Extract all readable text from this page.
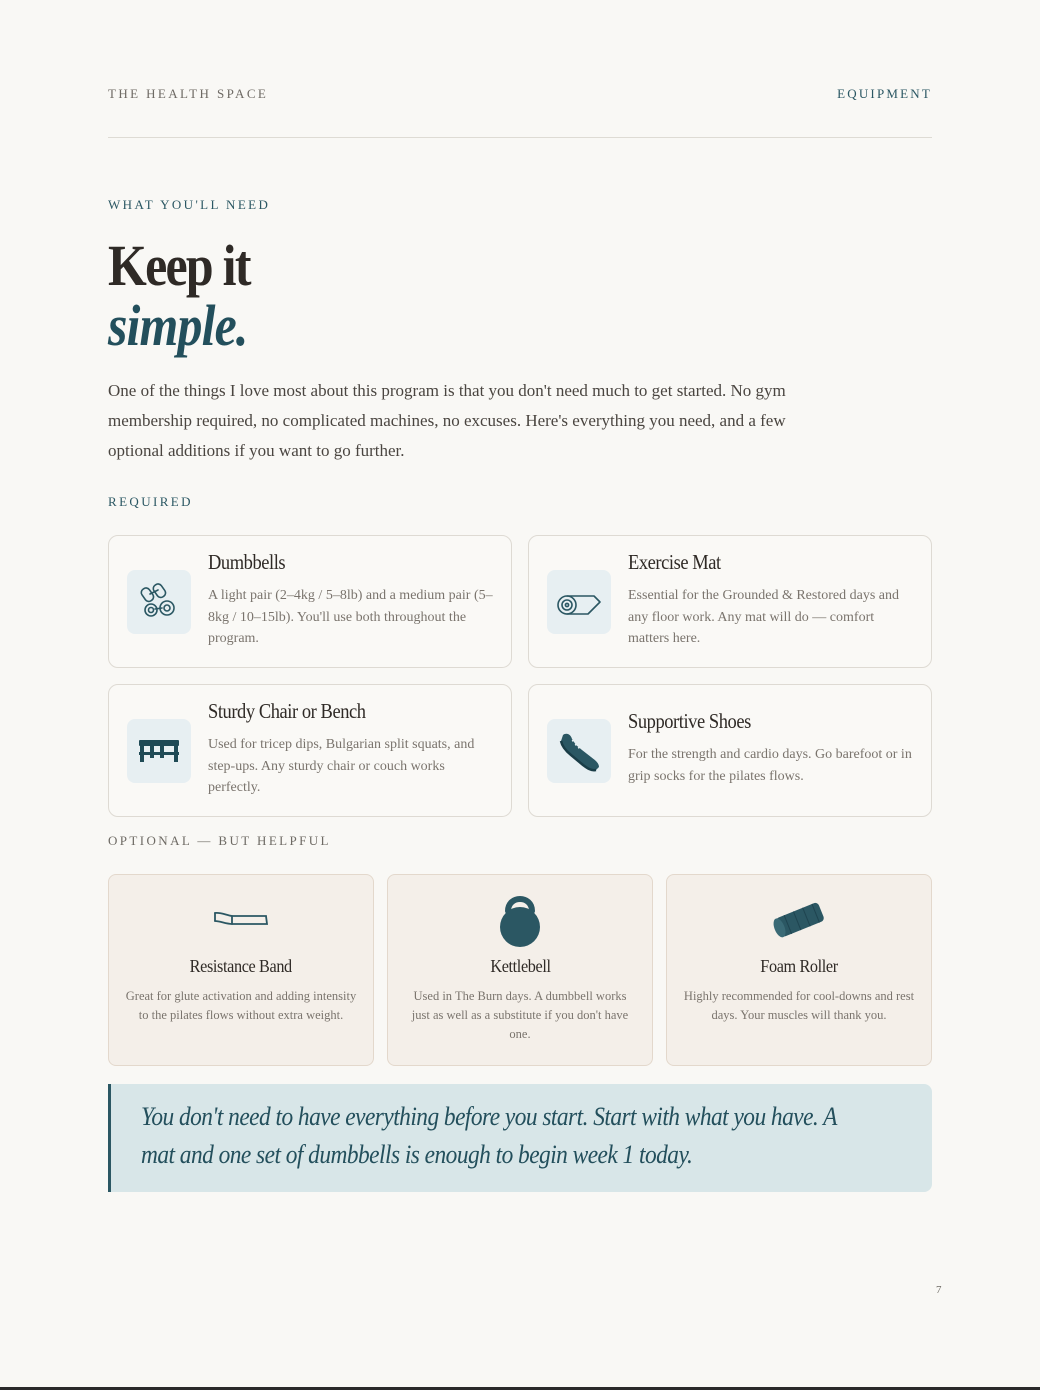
THE HEALTH SPACE	EQUIPMENT
WHAT YOU'LL NEED
Keep it
simple.

One of the things I love most about this program is that you don't need much to get started. No gym membership required, no complicated machines, no excuses. Here's everything you need, and a few optional additions if you want to go further.

REQUIRED
Dumbbells
A light pair (2–4kg / 5–8lb) and a medium pair (5–8kg / 10–15lb). You'll use both throughout the program.
Exercise Mat
Essential for the Grounded & Restored days and any floor work. Any mat will do — comfort matters here.
Sturdy Chair or Bench
Used for tricep dips, Bulgarian split squats, and step-ups. Any sturdy chair or couch works perfectly.
Supportive Shoes
For the strength and cardio days. Go barefoot or in grip socks for the pilates flows.
OPTIONAL — BUT HELPFUL
Resistance Band
Great for glute activation and adding intensity to the pilates flows without extra weight.
Kettlebell
Used in The Burn days. A dumbbell works just as well as a substitute if you don't have one.
Foam Roller
Highly recommended for cool-downs and rest days. Your muscles will thank you.
You don't need to have everything before you start. Start with what you have. A mat and one set of dumbbells is enough to begin week 1 today.
7
